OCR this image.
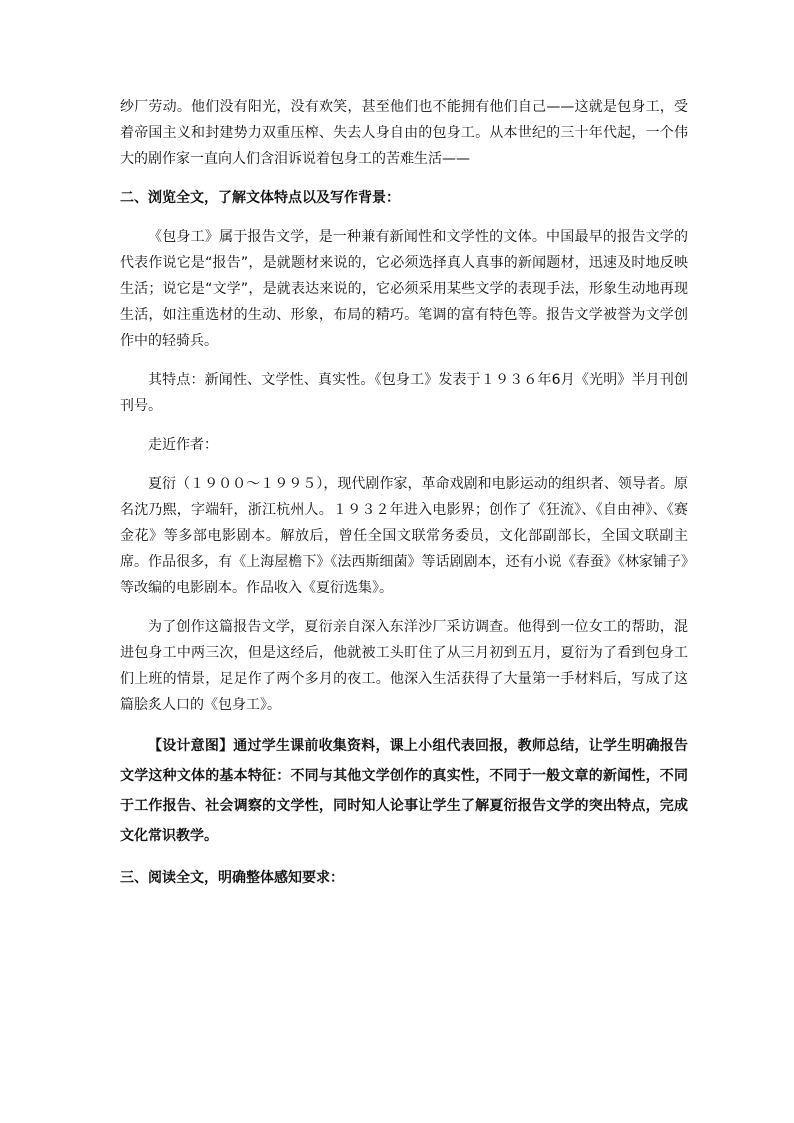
纱厂劳动。他们没有阳光，没有欢笑，甚至他们也不能拥有他们自己——这就是包身工，受着帝国主义和封建势力双重压榨、失去人身自由的包身工。从本世纪的三十年代起，一个伟大的剧作家一直向人们含泪诉说着包身工的苦难生活——

二、浏览全文，了解文体特点以及写作背景：

《包身工》属于报告文学，是一种兼有新闻性和文学性的文体。中国最早的报告文学的代表作说它是“报告”，是就题材来说的，它必须选择真人真事的新闻题材，迅速及时地反映生活；说它是“文学”，是就表达来说的，它必须采用某些文学的表现手法，形象生动地再现生活，如注重选材的生动、形象，布局的精巧。笔调的富有特色等。报告文学被誉为文学创作中的轻骑兵。

其特点：新闻性、文学性、真实性。《包身工》发表于１９３６年6月《光明》半月刊创刊号。

走近作者：

夏衍（１９００～１９９５），现代剧作家，革命戏剧和电影运动的组织者、领导者。原名沈乃熙，字端轩，浙江杭州人。１９３２年进入电影界；创作了《狂流》、《自由神》、《赛金花》等多部电影剧本。解放后，曾任全国文联常务委员，文化部副部长，全国文联副主席。作品很多，有《上海屋檐下》《法西斯细菌》等话剧剧本，还有小说《春蚕》《林家铺子》等改编的电影剧本。作品收入《夏衍选集》。

为了创作这篇报告文学，夏衍亲自深入东洋沙厂采访调查。他得到一位女工的帮助，混进包身工中两三次，但是这经后，他就被工头盯住了从三月初到五月，夏衍为了看到包身工们上班的情景，足足作了两个多月的夜工。他深入生活获得了大量第一手材料后，写成了这篇脍炙人口的《包身工》。

【设计意图】通过学生课前收集资料，课上小组代表回报，教师总结，让学生明确报告文学这种文体的基本特征：不同与其他文学创作的真实性，不同于一般文章的新闻性，不同于工作报告、社会调察的文学性，同时知人论事让学生了解夏衍报告文学的突出特点，完成文化常识教学。

三、阅读全文，明确整体感知要求：
